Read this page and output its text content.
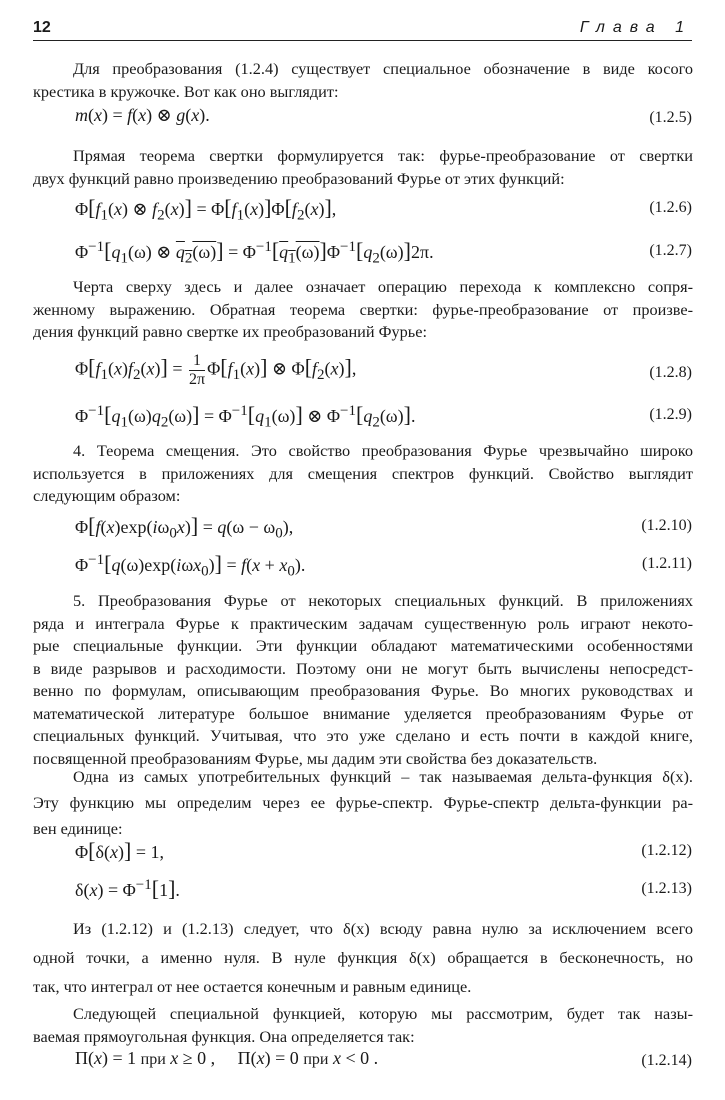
12	Глава 1
Для преобразования (1.2.4) существует специальное обозначение в виде косого
крестика в кружочке. Вот как оно выглядит:
m(x) = f(x) ⊗ g(x).	(1.2.5)
Прямая теорема свертки формулируется так: фурье-преобразование от свертки
двух функций равно произведению преобразований Фурье от этих функций:
$\Phi[f_1(x)$ ⊗ $f_2(x)] = \Phi[f_1(x)]\Phi[f_2(x)]$,	(1.2.6)
$\Phi^{-1}[q_1(\omega)$ ⊗ $q_2(\omega)] = \Phi^{-1}[q_1(\omega)]\Phi^{-1}[q_2(\omega)]2\pi$.	(1.2.7)
Черта сверху здесь и далее означает операцию перехода к комплексно сопря-
женному выражению. Обратная теорема свертки: фурье-преобразование от произве-
дения функций равно свертке их преобразований Фурье:
$\Phi[f_1(x)f_2(x)] = \frac{1}{2\pi} \Phi[f_1(x)]$ ⊗ $\Phi[f_2(x)]$,	(1.2.8)
$\Phi^{-1}[q_1(\omega)q_2(\omega)] = \Phi^{-1}[q_1(\omega)]$ ⊗ $\Phi^{-1}[q_2(\omega)]$.	(1.2.9)
4. Теорема смещения. Это свойство преобразования Фурье чрезвычайно широко
используется в приложениях для смещения спектров функций. Свойство выглядит
следующим образом:
$\Phi[f(x)\exp(i\omega_0x)] = q(\omega - \omega_0)$,	(1.2.10)
$\Phi^{-1}[q(\omega)\exp(i\omega x_0)] = f(x + x_0)$.	(1.2.11)
5. Преобразования Фурье от некоторых специальных функций. В приложениях
ряда и интеграла Фурье к практическим задачам существенную роль играют некото-
рые специальные функции. Эти функции обладают математическими особенностями
в виде разрывов и расходимости. Поэтому они не могут быть вычислены непосредст-
венно по формулам, описывающим преобразования Фурье. Во многих руководствах и
математической литературе большое внимание уделяется преобразованиям Фурье от
специальных функций. Учитывая, что это уже сделано и есть почти в каждой книге,
посвященной преобразованиям Фурье, мы дадим эти свойства без доказательств.
Одна из самых употребительных функций – так называемая дельта-функция δ(x).
Эту функцию мы определим через ее фурье-спектр. Фурье-спектр дельта-функции ра-
вен единице:
Φ[δ(x)] = 1,	(1.2.12)
$\delta(x) = \Phi^{-1}[1]$.	(1.2.13)
Из (1.2.12) и (1.2.13) следует, что δ(x) всюду равна нулю за исключением всего
одной точки, а именно нуля. В нуле функция δ(x) обращается в бесконечность, но
так, что интеграл от нее остается конечным и равным единице.
Следующей специальной функцией, которую мы рассмотрим, будет так назы-
ваемая прямоугольная функция. Она определяется так:
Π(x) = 1 при x ≥ 0 ,     Π(x) = 0 при x < 0 .	(1.2.14)
